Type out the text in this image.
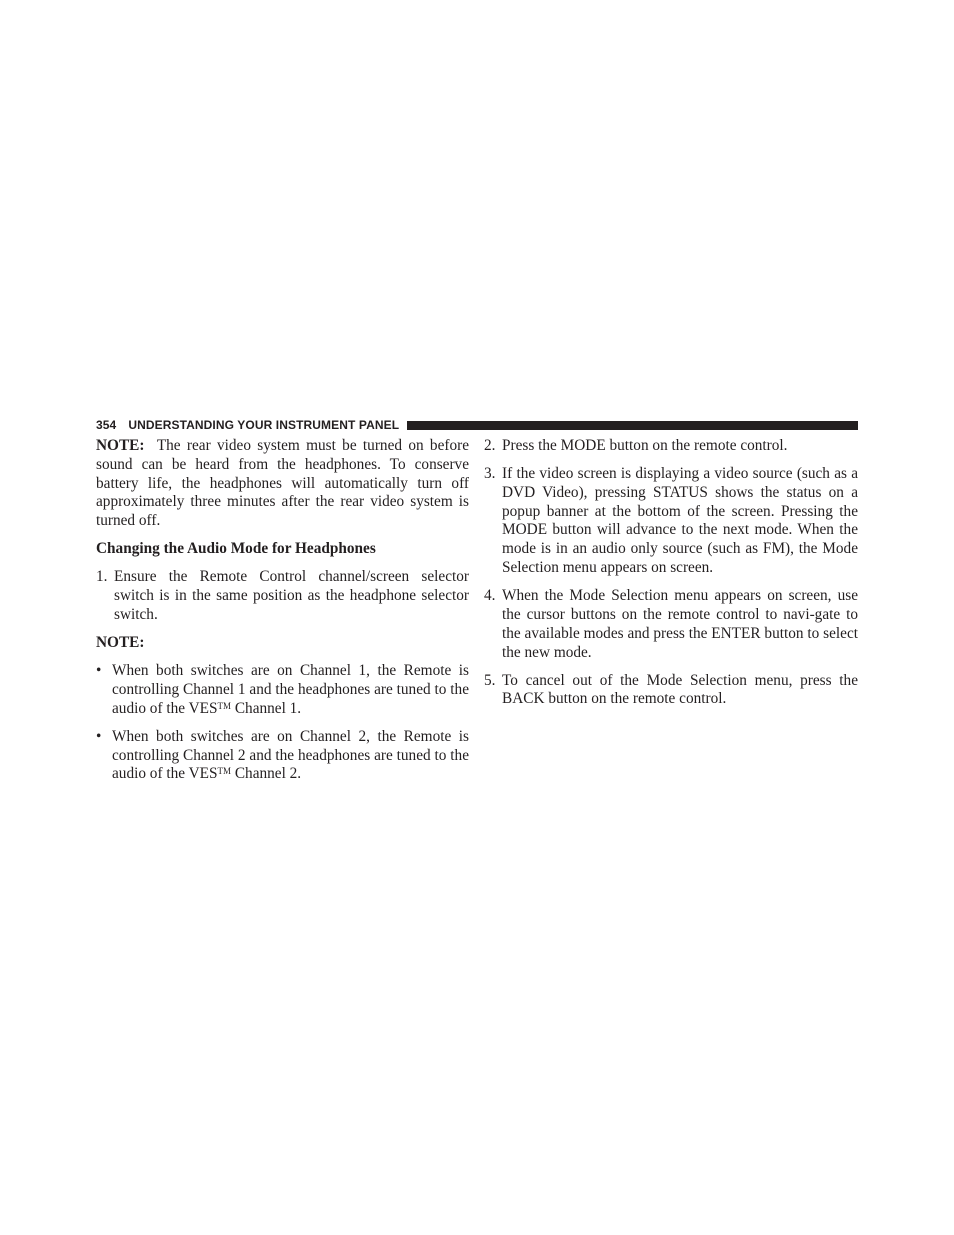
354 UNDERSTANDING YOUR INSTRUMENT PANEL

NOTE: The rear video system must be turned on before sound can be heard from the headphones. To conserve battery life, the headphones will automatically turn off approximately three minutes after the rear video system is turned off.

Changing the Audio Mode for Headphones

1. Ensure the Remote Control channel/screen selector switch is in the same position as the headphone selector switch.

NOTE:

• When both switches are on Channel 1, the Remote is controlling Channel 1 and the headphones are tuned to the audio of the VES™ Channel 1.
• When both switches are on Channel 2, the Remote is controlling Channel 2 and the headphones are tuned to the audio of the VES™ Channel 2.
2. Press the MODE button on the remote control.
3. If the video screen is displaying a video source (such as a DVD Video), pressing STATUS shows the status on a popup banner at the bottom of the screen. Pressing the MODE button will advance to the next mode. When the mode is in an audio only source (such as FM), the Mode Selection menu appears on screen.
4. When the Mode Selection menu appears on screen, use the cursor buttons on the remote control to navi-gate to the available modes and press the ENTER button to select the new mode.
5. To cancel out of the Mode Selection menu, press the BACK button on the remote control.
